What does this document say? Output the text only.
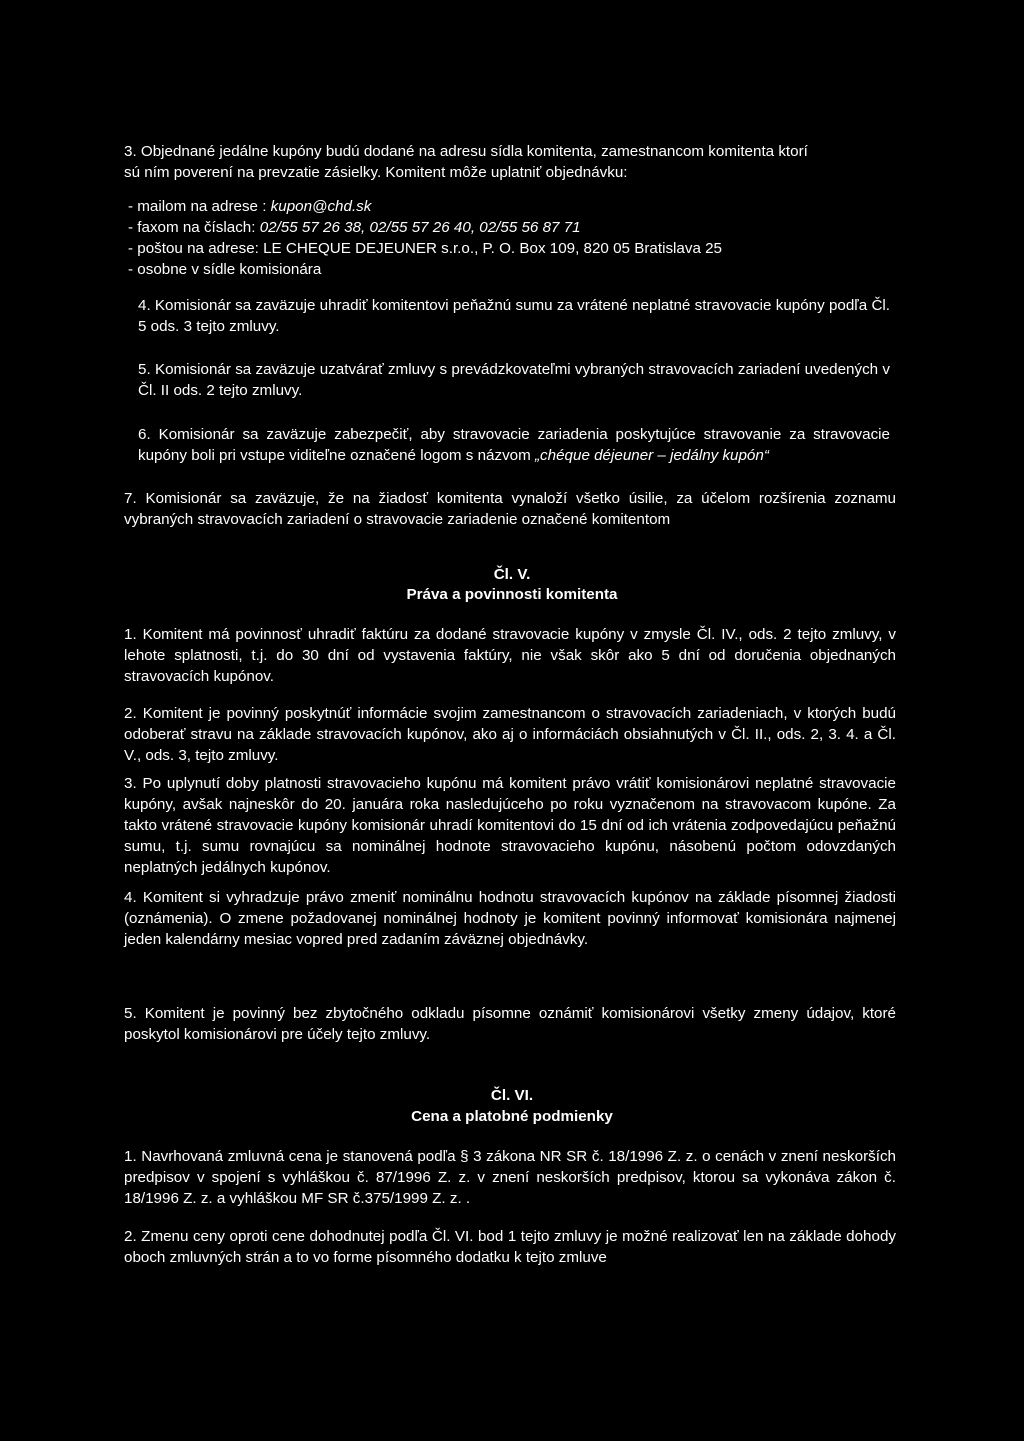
3. Objednané jedálne kupóny budú dodané na adresu sídla komitenta, zamestnancom komitenta ktorí
sú ním poverení na prevzatie zásielky. Komitent môže uplatniť objednávku:

- mailom na adrese : kupon@chd.sk
- faxom na číslach: 02/55 57 26 38, 02/55 57 26 40, 02/55 56 87 71
- poštou na adrese: LE CHEQUE DEJEUNER s.r.o., P. O. Box 109, 820 05 Bratislava 25
- osobne v sídle komisionára

4. Komisionár sa zaväzuje uhradiť komitentovi peňažnú sumu za vrátené neplatné stravovacie kupóny podľa Čl. 5 ods. 3 tejto zmluvy.

5. Komisionár sa zaväzuje uzatvárať zmluvy s prevádzkovateľmi vybraných stravovacích zariadení uvedených v Čl. II ods. 2 tejto zmluvy.

6. Komisionár sa zaväzuje zabezpečiť, aby stravovacie zariadenia poskytujúce stravovanie za stravovacie kupóny boli pri vstupe viditeľne označené logom s názvom „chéque déjeuner – jedálny kupón“

7. Komisionár sa zaväzuje, že na žiadosť komitenta vynaloží všetko úsilie, za účelom rozšírenia zoznamu vybraných stravovacích zariadení o stravovacie zariadenie označené komitentom

Čl. V.

Práva a povinnosti komitenta

1. Komitent má povinnosť uhradiť faktúru za dodané stravovacie kupóny v zmysle Čl. IV., ods. 2 tejto zmluvy, v lehote splatnosti, t.j. do 30 dní od vystavenia faktúry, nie však skôr ako 5 dní od doručenia objednaných stravovacích kupónov.

2. Komitent je povinný poskytnúť informácie svojim zamestnancom o stravovacích zariadeniach, v ktorých budú odoberať stravu na základe stravovacích kupónov, ako aj o informáciách obsiahnutých v Čl. II., ods. 2, 3. 4. a Čl. V., ods. 3, tejto zmluvy.

3. Po uplynutí doby platnosti stravovacieho kupónu má komitent právo vrátiť komisionárovi neplatné stravovacie kupóny, avšak najneskôr do 20. januára roka nasledujúceho po roku vyznačenom na stravovacom kupóne. Za takto vrátené stravovacie kupóny komisionár uhradí komitentovi do 15 dní od ich vrátenia zodpovedajúcu peňažnú sumu, t.j. sumu rovnajúcu sa nominálnej hodnote stravovacieho kupónu, násobenú počtom odovzdaných neplatných jedálnych kupónov.

4. Komitent si vyhradzuje právo zmeniť nominálnu hodnotu stravovacích kupónov na základe písomnej žiadosti (oznámenia). O zmene požadovanej nominálnej hodnoty je komitent povinný informovať komisionára najmenej jeden kalendárny mesiac vopred pred zadaním záväznej objednávky.

5. Komitent je povinný bez zbytočného odkladu písomne oznámiť komisionárovi všetky zmeny údajov, ktoré poskytol komisionárovi pre účely tejto zmluvy.

Čl. VI.

Cena a platobné podmienky

1. Navrhovaná zmluvná cena je stanovená podľa § 3 zákona NR SR č. 18/1996 Z. z. o cenách v znení neskorších predpisov v spojení s vyhláškou č. 87/1996 Z. z. v znení neskorších predpisov, ktorou sa vykonáva zákon č. 18/1996 Z. z. a vyhláškou MF SR č.375/1999 Z. z. .

2. Zmenu ceny oproti cene dohodnutej podľa Čl. VI. bod 1 tejto zmluvy je možné realizovať len na základe dohody oboch zmluvných strán a to vo forme písomného dodatku k tejto zmluve
